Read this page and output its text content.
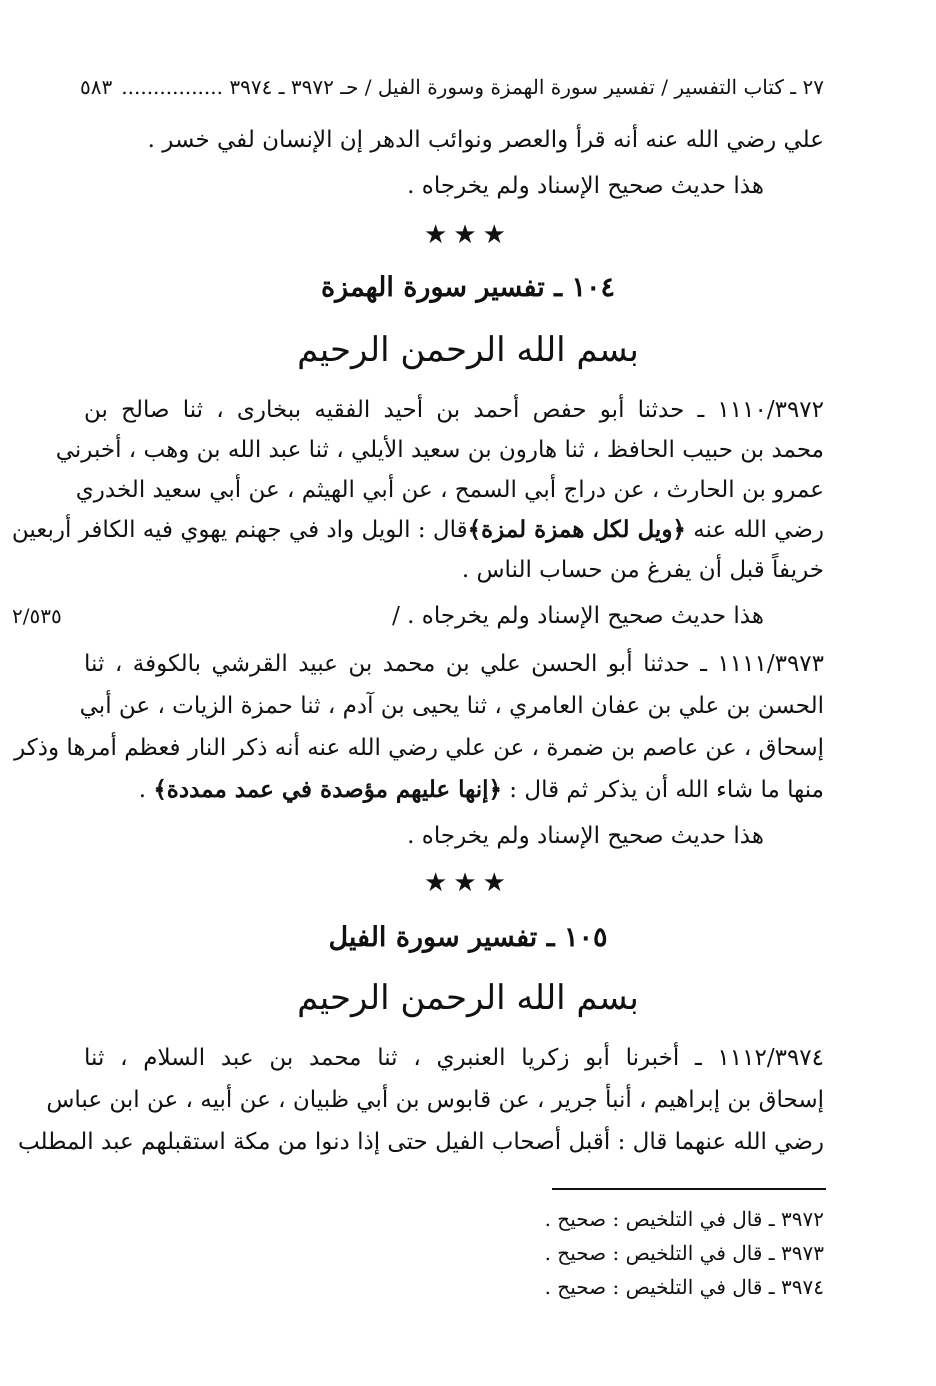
٢٧ ـ كتاب التفسير / تفسير سورة الهمزة وسورة الفيل / حـ ٣٩٧٢ ـ ٣٩٧٤ ................
٥٨٣
علي رضي الله عنه أنه قرأ والعصر ونوائب الدهر إن الإنسان لفي خسر .
هذا حديث صحيح الإسناد ولم يخرجاه .
★★★
١٠٤ ـ تفسير سورة الهمزة
بسم الله الرحمن الرحيم
١١١٠/٣٩٧٢ ـ حدثنا أبو حفص أحمد بن أحيد الفقيه ببخارى ، ثنا صالح بن
محمد بن حبيب الحافظ ، ثنا هارون بن سعيد الأيلي ، ثنا عبد الله بن وهب ، أخبرني
عمرو بن الحارث ، عن دراج أبي السمح ، عن أبي الهيثم ، عن أبي سعيد الخدري
رضي الله عنه ﴿ويل لكل همزة لمزة﴾قال : الويل واد في جهنم يهوي فيه الكافر أربعين
خريفاً قبل أن يفرغ من حساب الناس .
هذا حديث صحيح الإسناد ولم يخرجاه . /
٢/٥٣٥
١١١١/٣٩٧٣ ـ حدثنا أبو الحسن علي بن محمد بن عبيد القرشي بالكوفة ، ثنا
الحسن بن علي بن عفان العامري ، ثنا يحيى بن آدم ، ثنا حمزة الزيات ، عن أبي
إسحاق ، عن عاصم بن ضمرة ، عن علي رضي الله عنه أنه ذكر النار فعظم أمرها وذكر
منها ما شاء الله أن يذكر ثم قال : ﴿إنها عليهم مؤصدة في عمد ممددة﴾ .
هذا حديث صحيح الإسناد ولم يخرجاه .
★★★
١٠٥ ـ تفسير سورة الفيل
بسم الله الرحمن الرحيم
١١١٢/٣٩٧٤ ـ أخبرنا أبو زكريا العنبري ، ثنا محمد بن عبد السلام ، ثنا
إسحاق بن إبراهيم ، أنبأ جرير ، عن قابوس بن أبي ظبيان ، عن أبيه ، عن ابن عباس
رضي الله عنهما قال : أقبل أصحاب الفيل حتى إذا دنوا من مكة استقبلهم عبد المطلب
٣٩٧٢ ـ قال في التلخيص : صحيح .
٣٩٧٣ ـ قال في التلخيص : صحيح .
٣٩٧٤ ـ قال في التلخيص : صحيح .
